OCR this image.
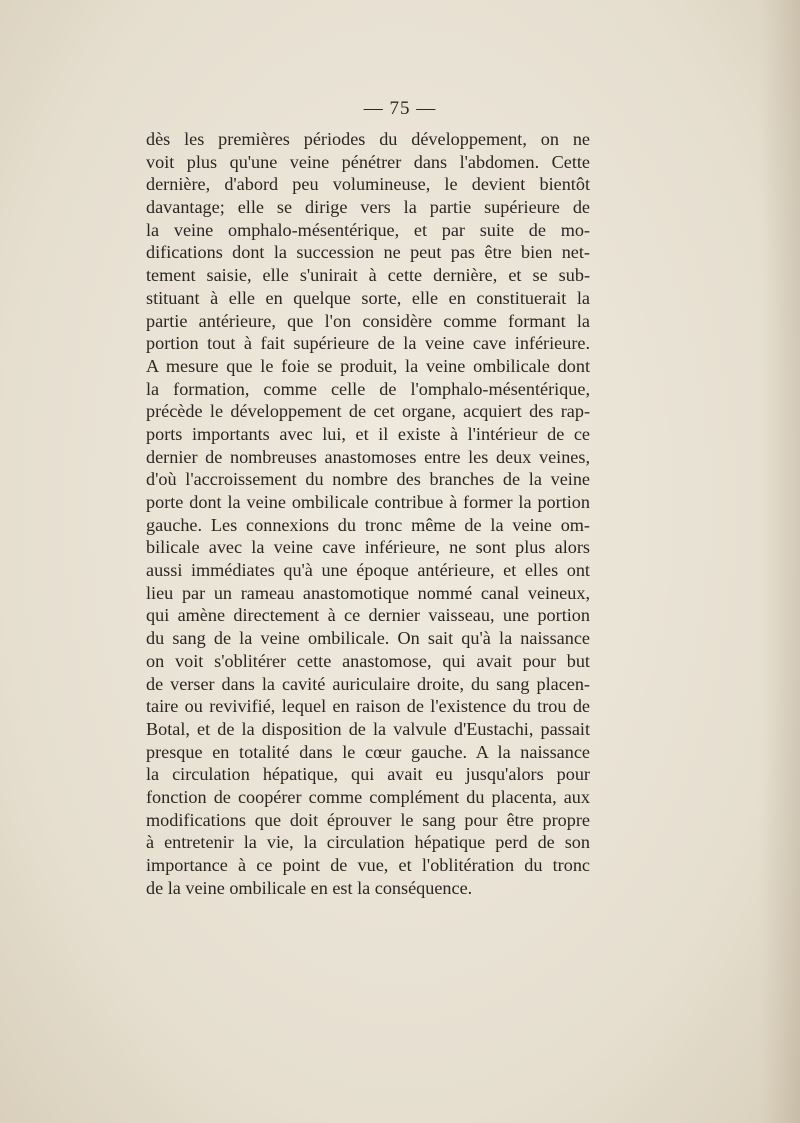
— 75 —
dès les premières périodes du développement, on ne
voit plus qu'une veine pénétrer dans l'abdomen. Cette
dernière, d'abord peu volumineuse, le devient bientôt
davantage; elle se dirige vers la partie supérieure de
la veine omphalo-mésentérique, et par suite de mo-
difications dont la succession ne peut pas être bien net-
tement saisie, elle s'unirait à cette dernière, et se sub-
stituant à elle en quelque sorte, elle en constituerait la
partie antérieure, que l'on considère comme formant la
portion tout à fait supérieure de la veine cave inférieure.
A mesure que le foie se produit, la veine ombilicale dont
la formation, comme celle de l'omphalo-mésentérique,
précède le développement de cet organe, acquiert des rap-
ports importants avec lui, et il existe à l'intérieur de ce
dernier de nombreuses anastomoses entre les deux veines,
d'où l'accroissement du nombre des branches de la veine
porte dont la veine ombilicale contribue à former la portion
gauche. Les connexions du tronc même de la veine om-
bilicale avec la veine cave inférieure, ne sont plus alors
aussi immédiates qu'à une époque antérieure, et elles ont
lieu par un rameau anastomotique nommé canal veineux,
qui amène directement à ce dernier vaisseau, une portion
du sang de la veine ombilicale. On sait qu'à la naissance
on voit s'oblitérer cette anastomose, qui avait pour but
de verser dans la cavité auriculaire droite, du sang placen-
taire ou revivifié, lequel en raison de l'existence du trou de
Botal, et de la disposition de la valvule d'Eustachi, passait
presque en totalité dans le cœur gauche. A la naissance
la circulation hépatique, qui avait eu jusqu'alors pour
fonction de coopérer comme complément du placenta, aux
modifications que doit éprouver le sang pour être propre
à entretenir la vie, la circulation hépatique perd de son
importance à ce point de vue, et l'oblitération du tronc
de la veine ombilicale en est la conséquence.
